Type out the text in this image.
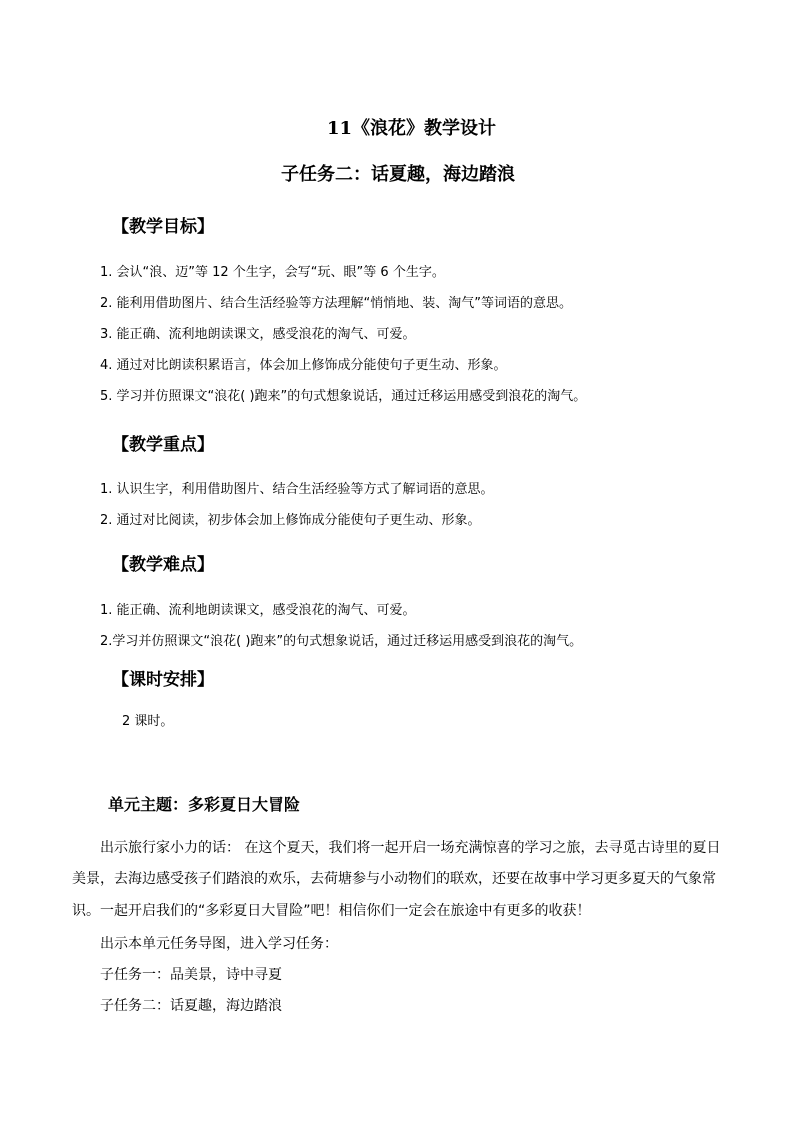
11《浪花》教学设计
子任务二：话夏趣，海边踏浪
【教学目标】
1. 会认“浪、迈”等 12 个生字，会写“玩、眼”等 6 个生字。
2. 能利用借助图片、结合生活经验等方法理解“悄悄地、装、淘气”等词语的意思。
3. 能正确、流利地朗读课文，感受浪花的淘气、可爱。
4. 通过对比朗读积累语言，体会加上修饰成分能使句子更生动、形象。
5. 学习并仿照课文“浪花( )跑来”的句式想象说话，通过迁移运用感受到浪花的淘气。
【教学重点】
1. 认识生字，利用借助图片、结合生活经验等方式了解词语的意思。
2. 通过对比阅读，初步体会加上修饰成分能使句子更生动、形象。
【教学难点】
1. 能正确、流利地朗读课文，感受浪花的淘气、可爱。
2.学习并仿照课文“浪花( )跑来”的句式想象说话，通过迁移运用感受到浪花的淘气。
【课时安排】
2 课时。
单元主题：多彩夏日大冒险
出示旅行家小力的话： 在这个夏天，我们将一起开启一场充满惊喜的学习之旅，去寻觅古诗里的夏日
美景，去海边感受孩子们踏浪的欢乐，去荷塘参与小动物们的联欢，还要在故事中学习更多夏天的气象常
识。一起开启我们的“多彩夏日大冒险”吧！相信你们一定会在旅途中有更多的收获！
出示本单元任务导图，进入学习任务：
子任务一：品美景，诗中寻夏
子任务二：话夏趣，海边踏浪
